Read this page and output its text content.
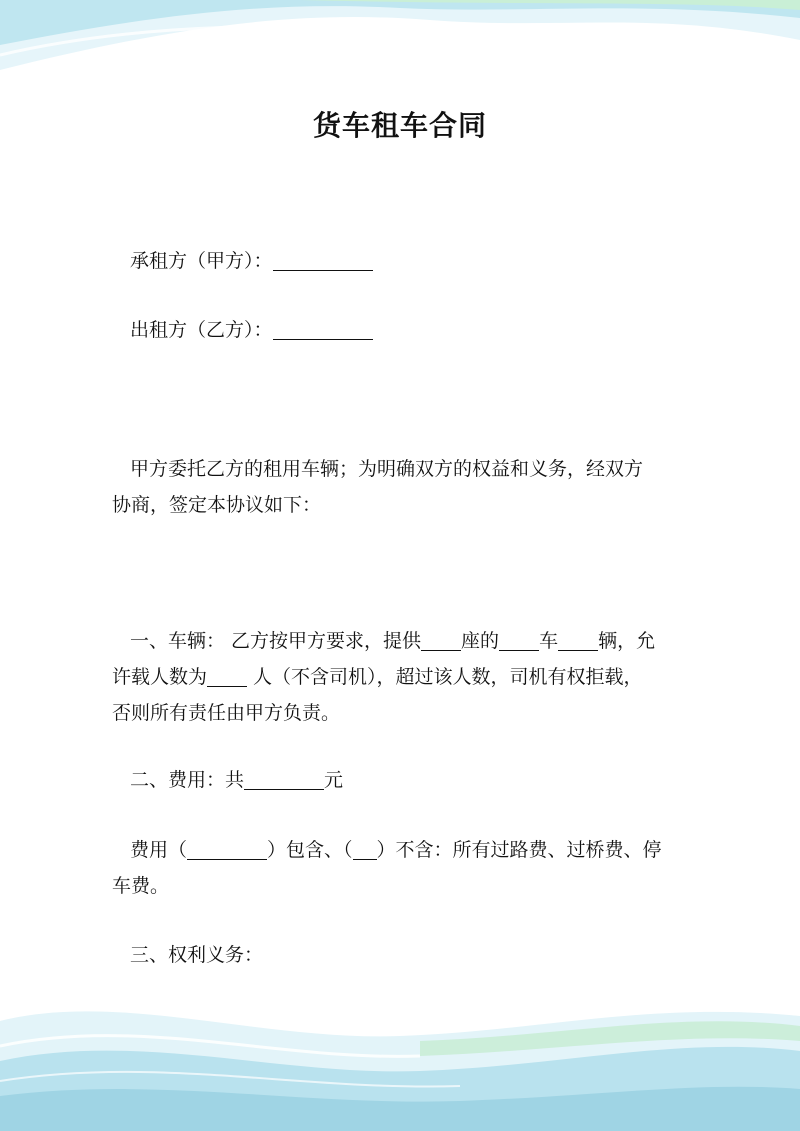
货车租车合同
承租方（甲方）：
出租方（乙方）：
甲方委托乙方的租用车辆；为明确双方的权益和义务，经双方
协商，签定本协议如下：
一、车辆： 乙方按甲方要求，提供 座的 车 辆，允
许载人数为 人（不含司机），超过该人数，司机有权拒载，
否则所有责任由甲方负责。
二、费用：共	元
费用（	）包含、（ ）不含：所有过路费、过桥费、停
车费。
三、权利义务：
